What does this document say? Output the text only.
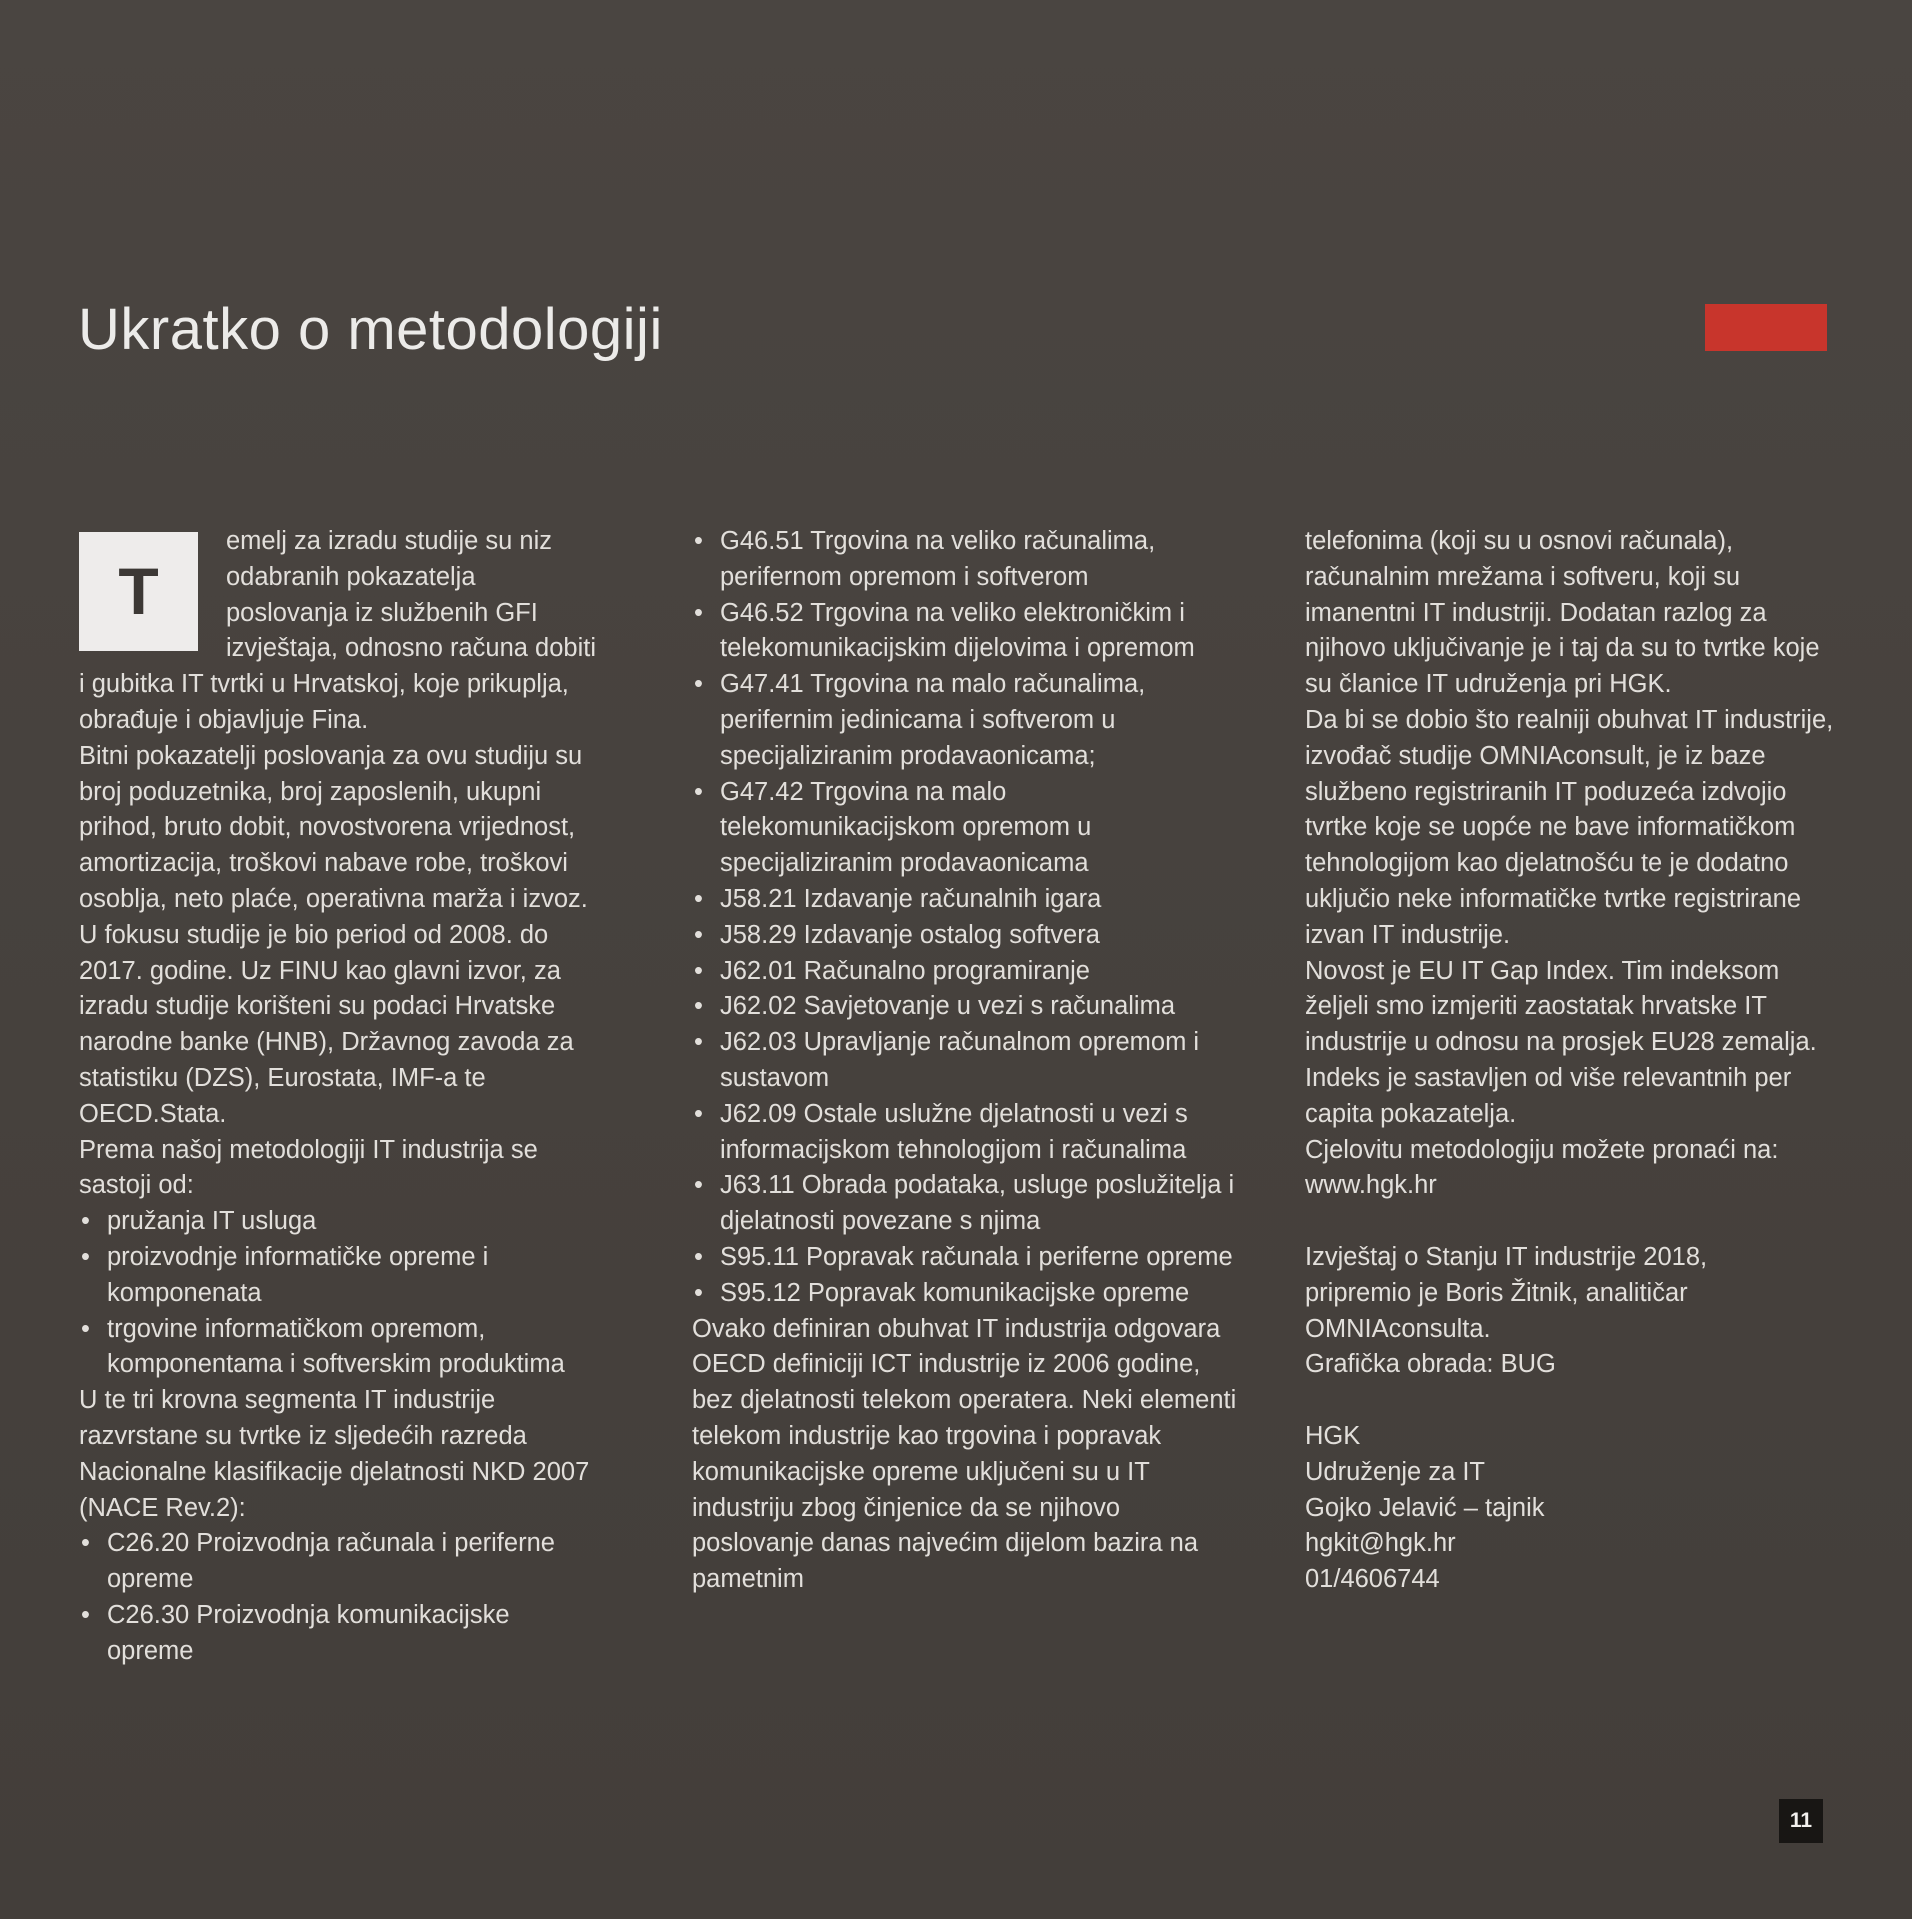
Ukratko o metodologiji
T

emelj za izradu studije su niz odabranih pokazatelja poslovanja iz službenih GFI izvještaja, odnosno računa dobiti i gubitka IT tvrtki u Hrvatskoj, koje prikuplja, obrađuje i objavljuje Fina.

Bitni pokazatelji poslovanja za ovu studiju su broj poduzetnika, broj zaposlenih, ukupni prihod, bruto dobit, novostvorena vrijednost, amortizacija, troškovi nabave robe, troškovi osoblja, neto plaće, operativna marža i izvoz.

U fokusu studije je bio period od 2008. do 2017. godine. Uz FINU kao glavni izvor, za izradu studije korišteni su podaci Hrvatske narodne banke (HNB), Državnog zavoda za statistiku (DZS), Eurostata, IMF-a te OECD.Stata.

Prema našoj metodologiji IT industrija se sastoji od:

• pružanja IT usluga
• proizvodnje informatičke opreme i komponenata
• trgovine informatičkom opremom, komponentama i softverskim produktima

U te tri krovna segmenta IT industrije razvrstane su tvrtke iz sljedećih razreda Nacionalne klasifikacije djelatnosti NKD 2007 (NACE Rev.2):

• C26.20 Proizvodnja računala i periferne opreme
• C26.30 Proizvodnja komunikacijske opreme
• G46.51 Trgovina na veliko računalima, perifernom opremom i softverom
• G46.52 Trgovina na veliko elektroničkim i telekomunikacijskim dijelovima i opremom
• G47.41 Trgovina na malo računalima, perifernim jedinicama i softverom u specijaliziranim prodavaonicama;
• G47.42 Trgovina na malo telekomunikacijskom opremom u specijaliziranim prodavaonicama
• J58.21 Izdavanje računalnih igara
• J58.29 Izdavanje ostalog softvera
• J62.01 Računalno programiranje
• J62.02 Savjetovanje u vezi s računalima
• J62.03 Upravljanje računalnom opremom i sustavom
• J62.09 Ostale uslužne djelatnosti u vezi s informacijskom tehnologijom i računalima
• J63.11 Obrada podataka, usluge poslužitelja i djelatnosti povezane s njima
• S95.11 Popravak računala i periferne opreme
• S95.12 Popravak komunikacijske opreme

Ovako definiran obuhvat IT industrija odgovara OECD definiciji ICT industrije iz 2006 godine, bez djelatnosti telekom operatera. Neki elementi telekom industrije kao trgovina i popravak komunikacijske opreme uključeni su u IT industriju zbog činjenice da se njihovo poslovanje danas najvećim dijelom bazira na pametnim

telefonima (koji su u osnovi računala), računalnim mrežama i softveru, koji su imanentni IT industriji. Dodatan razlog za njihovo uključivanje je i taj da su to tvrtke koje su članice IT udruženja pri HGK.

Da bi se dobio što realniji obuhvat IT industrije, izvođač studije OMNIAconsult, je iz baze službeno registriranih IT poduzeća izdvojio tvrtke koje se uopće ne bave informatičkom tehnologijom kao djelatnošću te je dodatno uključio neke informatičke tvrtke registrirane izvan IT industrije.

Novost je EU IT Gap Index. Tim indeksom željeli smo izmjeriti zaostatak hrvatske IT industrije u odnosu na prosjek EU28 zemalja. Indeks je sastavljen od više relevantnih per capita pokazatelja.

Cjelovitu metodologiju možete pronaći na: www.hgk.hr

Izvještaj o Stanju IT industrije 2018,

pripremio je Boris Žitnik, analitičar

OMNIAconsulta.

Grafička obrada: BUG

HGK

Udruženje za IT

Gojko Jelavić – tajnik

hgkit@hgk.hr

01/4606744

11
